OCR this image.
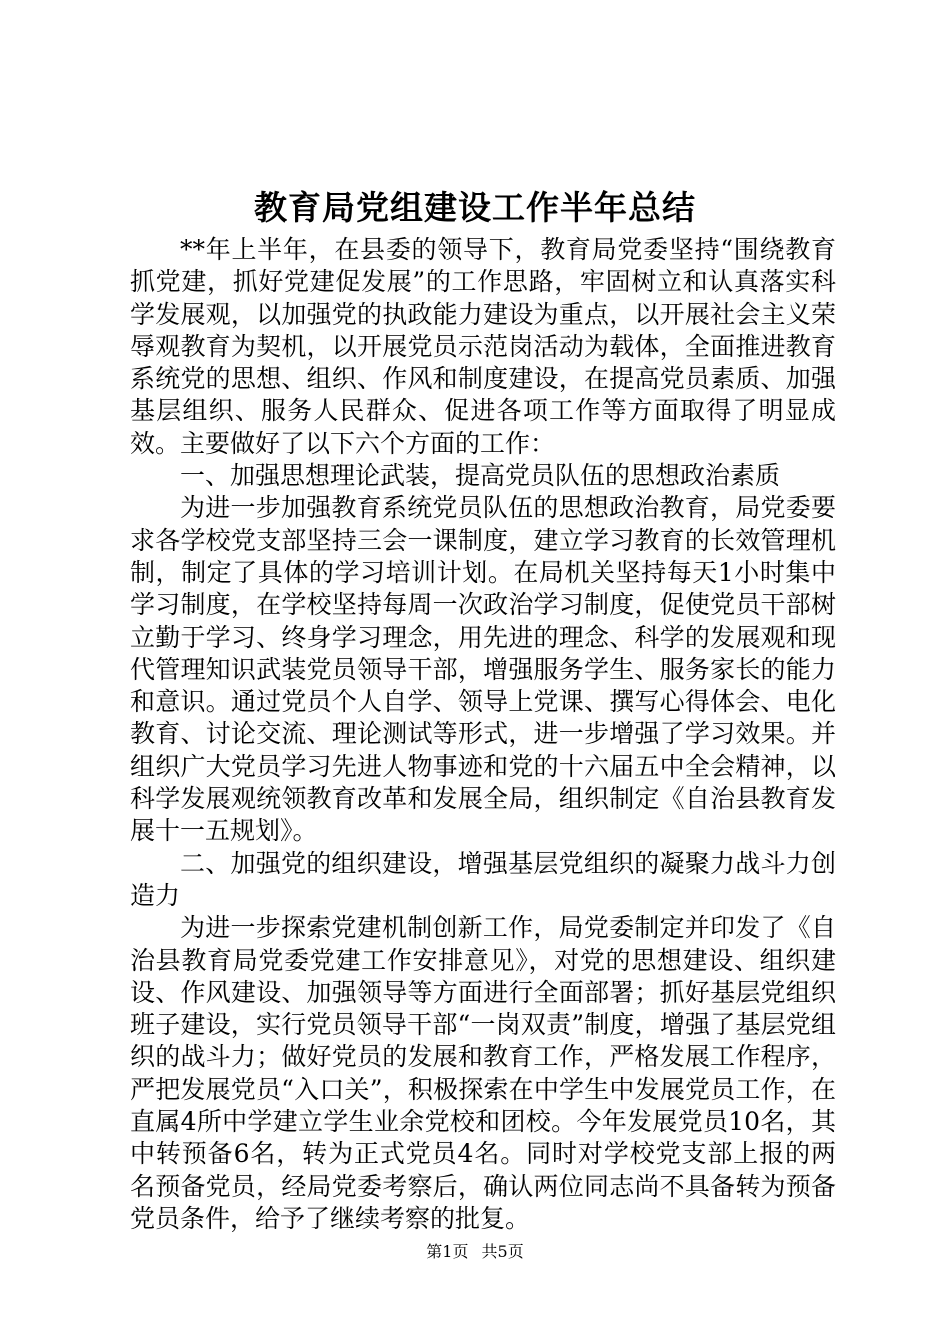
教育局党组建设工作半年总结

**年上半年，在县委的领导下，教育局党委坚持“围绕教育抓党建，抓好党建促发展”的工作思路，牢固树立和认真落实科学发展观，以加强党的执政能力建设为重点，以开展社会主义荣辱观教育为契机，以开展党员示范岗活动为载体，全面推进教育系统党的思想、组织、作风和制度建设，在提高党员素质、加强基层组织、服务人民群众、促进各项工作等方面取得了明显成效。主要做好了以下六个方面的工作：

一、加强思想理论武装，提高党员队伍的思想政治素质

为进一步加强教育系统党员队伍的思想政治教育，局党委要求各学校党支部坚持三会一课制度，建立学习教育的长效管理机制，制定了具体的学习培训计划。在局机关坚持每天1小时集中学习制度，在学校坚持每周一次政治学习制度，促使党员干部树立勤于学习、终身学习理念，用先进的理念、科学的发展观和现代管理知识武装党员领导干部，增强服务学生、服务家长的能力和意识。通过党员个人自学、领导上党课、撰写心得体会、电化教育、讨论交流、理论测试等形式，进一步增强了学习效果。并组织广大党员学习先进人物事迹和党的十六届五中全会精神，以科学发展观统领教育改革和发展全局，组织制定《自治县教育发展十一五规划》。

二、加强党的组织建设，增强基层党组织的凝聚力战斗力创造力

为进一步探索党建机制创新工作，局党委制定并印发了《自治县教育局党委党建工作安排意见》，对党的思想建设、组织建设、作风建设、加强领导等方面进行全面部署；抓好基层党组织班子建设，实行党员领导干部“一岗双责”制度，增强了基层党组织的战斗力；做好党员的发展和教育工作，严格发展工作程序，严把发展党员“入口关”，积极探索在中学生中发展党员工作，在直属4所中学建立学生业余党校和团校。今年发展党员10名，其中转预备6名，转为正式党员4名。同时对学校党支部上报的两名预备党员，经局党委考察后，确认两位同志尚不具备转为预备党员条件，给予了继续考察的批复。

第1页 共5页
